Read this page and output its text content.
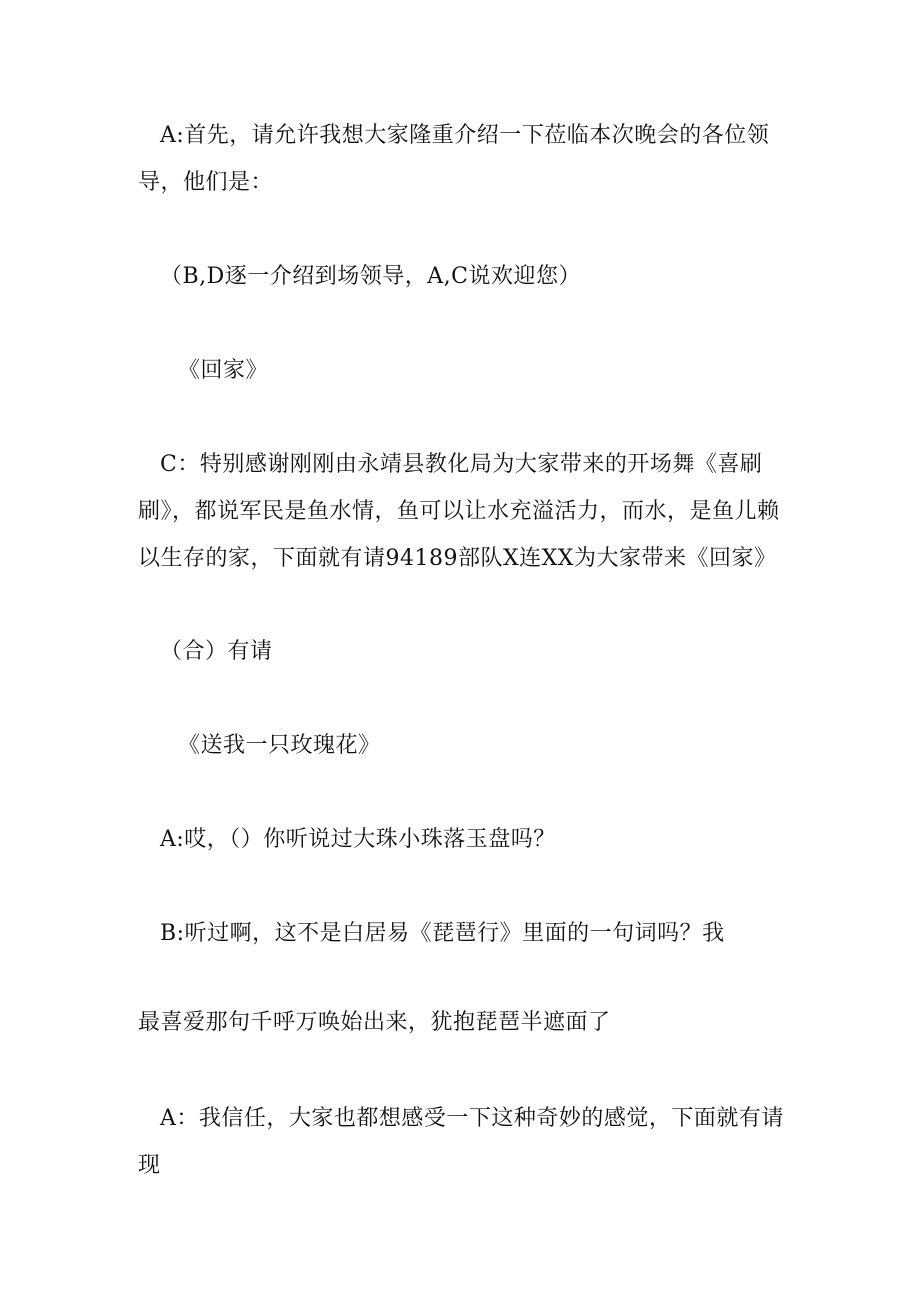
A:首先，请允许我想大家隆重介绍一下莅临本次晚会的各位领导，他们是：

（B,D逐一介绍到场领导，A,C说欢迎您）

《回家》

C：特别感谢刚刚由永靖县教化局为大家带来的开场舞《喜刷刷》，都说军民是鱼水情，鱼可以让水充溢活力，而水，是鱼儿赖以生存的家，下面就有请94189部队X连XX为大家带来《回家》

（合）有请

《送我一只玫瑰花》

A:哎，（）你听说过大珠小珠落玉盘吗？

B:听过啊，这不是白居易《琵琶行》里面的一句词吗？我

最喜爱那句千呼万唤始出来，犹抱琵琶半遮面了

A：我信任，大家也都想感受一下这种奇妙的感觉，下面就有请现
